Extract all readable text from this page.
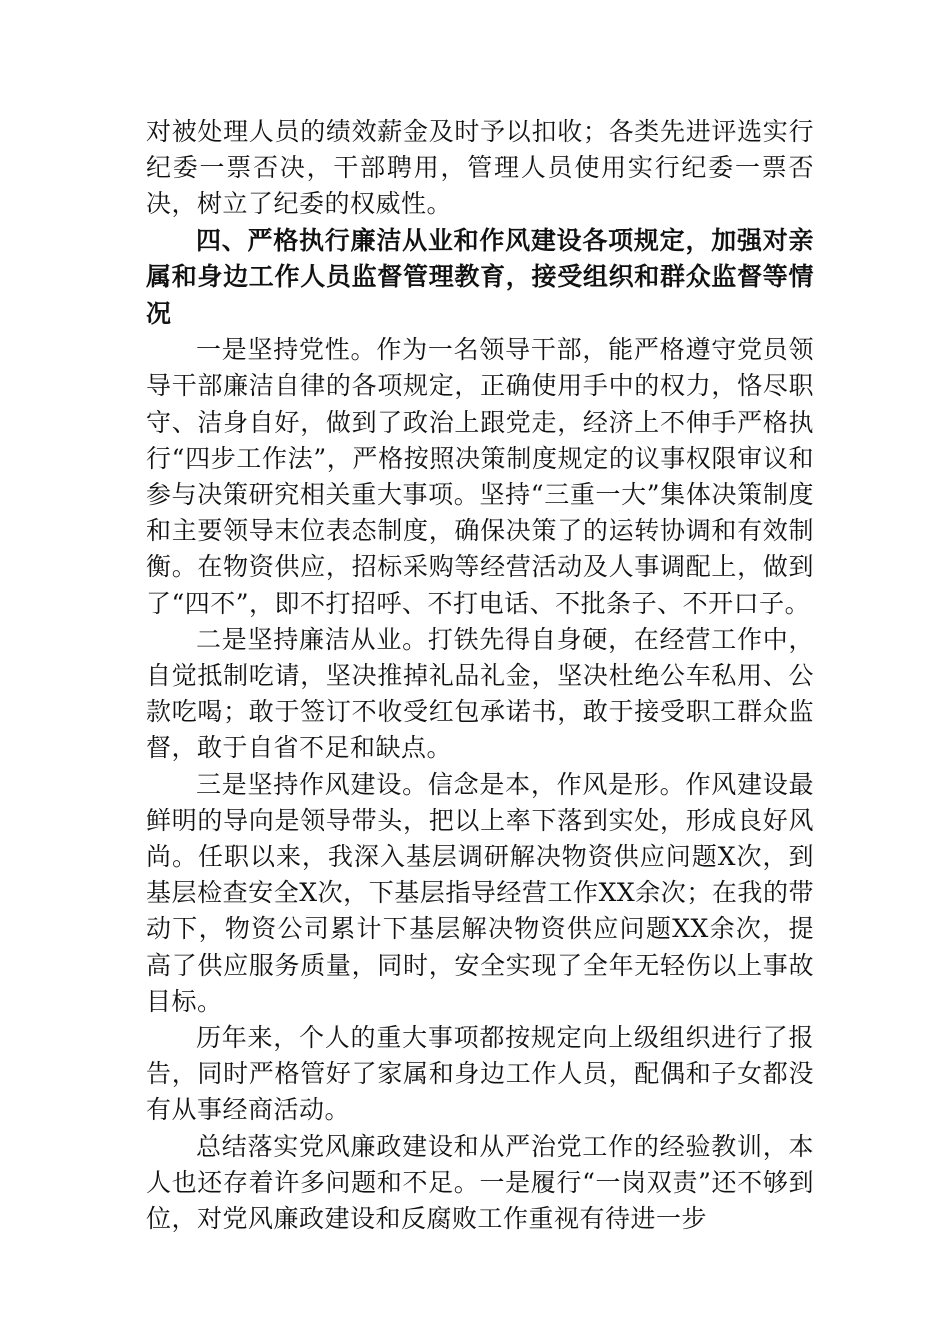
对被处理人员的绩效薪金及时予以扣收；各类先进评选实行纪委一票否决，干部聘用，管理人员使用实行纪委一票否决，树立了纪委的权威性。

四、严格执行廉洁从业和作风建设各项规定，加强对亲属和身边工作人员监督管理教育，接受组织和群众监督等情况

一是坚持党性。作为一名领导干部，能严格遵守党员领导干部廉洁自律的各项规定，正确使用手中的权力，恪尽职守、洁身自好，做到了政治上跟党走，经济上不伸手严格执行“四步工作法”，严格按照决策制度规定的议事权限审议和参与决策研究相关重大事项。坚持“三重一大”集体决策制度和主要领导末位表态制度，确保决策了的运转协调和有效制衡。在物资供应，招标采购等经营活动及人事调配上，做到了“四不”，即不打招呼、不打电话、不批条子、不开口子。

二是坚持廉洁从业。打铁先得自身硬，在经营工作中，自觉抵制吃请，坚决推掉礼品礼金，坚决杜绝公车私用、公款吃喝；敢于签订不收受红包承诺书，敢于接受职工群众监督，敢于自省不足和缺点。

三是坚持作风建设。信念是本，作风是形。作风建设最鲜明的导向是领导带头，把以上率下落到实处，形成良好风尚。任职以来，我深入基层调研解决物资供应问题X次，到基层检查安全X次，下基层指导经营工作XX余次；在我的带动下，物资公司累计下基层解决物资供应问题XX余次，提高了供应服务质量，同时，安全实现了全年无轻伤以上事故目标。

历年来，个人的重大事项都按规定向上级组织进行了报告，同时严格管好了家属和身边工作人员，配偶和子女都没有从事经商活动。

总结落实党风廉政建设和从严治党工作的经验教训，本人也还存着许多问题和不足。一是履行“一岗双责”还不够到位，对党风廉政建设和反腐败工作重视有待进一步
